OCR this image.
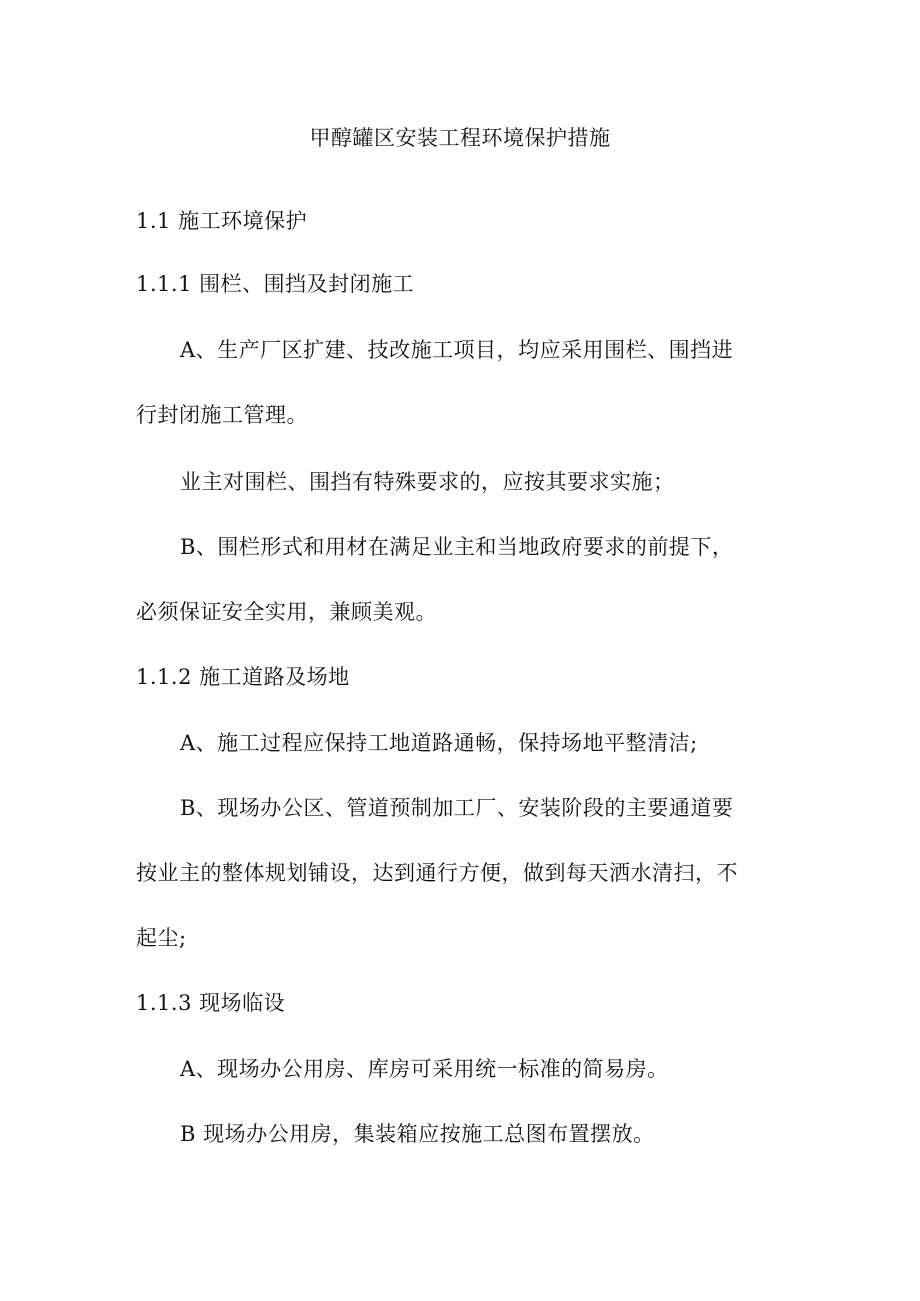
甲醇罐区安装工程环境保护措施
1.1 施工环境保护
1.1.1 围栏、围挡及封闭施工
A、生产厂区扩建、技改施工项目，均应采用围栏、围挡进
行封闭施工管理。
业主对围栏、围挡有特殊要求的，应按其要求实施；
B、围栏形式和用材在满足业主和当地政府要求的前提下，
必须保证安全实用，兼顾美观。
1.1.2 施工道路及场地
A、施工过程应保持工地道路通畅，保持场地平整清洁;
B、现场办公区、管道预制加工厂、安装阶段的主要通道要
按业主的整体规划铺设，达到通行方便，做到每天洒水清扫，不
起尘;
1.1.3 现场临设
A、现场办公用房、库房可采用统一标准的简易房。
B 现场办公用房，集装箱应按施工总图布置摆放。
